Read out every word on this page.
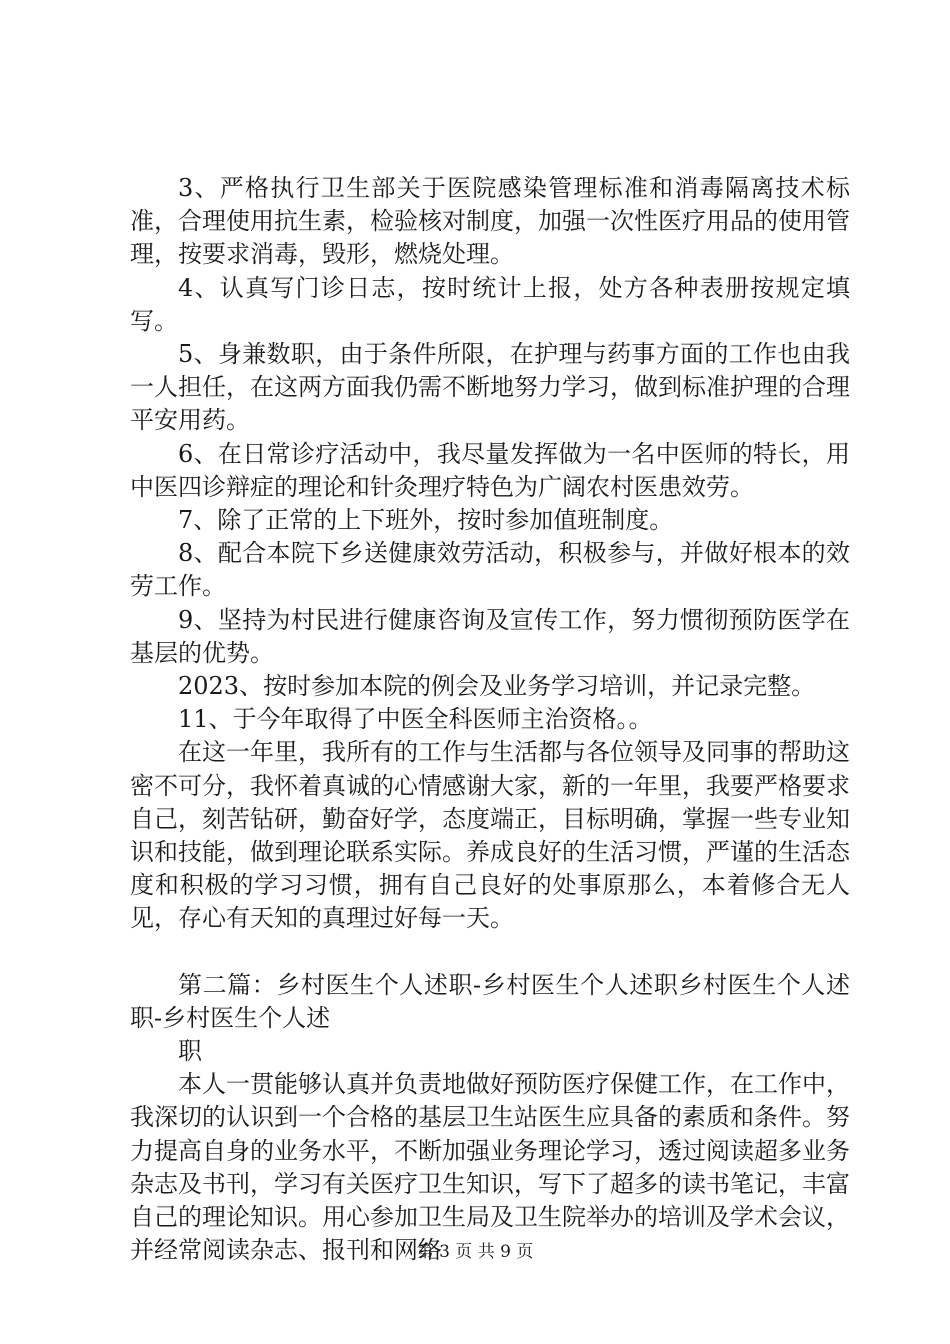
3、严格执行卫生部关于医院感染管理标准和消毒隔离技术标准，合理使用抗生素，检验核对制度，加强一次性医疗用品的使用管理，按要求消毒，毁形，燃烧处理。

4、认真写门诊日志，按时统计上报，处方各种表册按规定填写。

5、身兼数职，由于条件所限，在护理与药事方面的工作也由我一人担任，在这两方面我仍需不断地努力学习，做到标准护理的合理平安用药。

6、在日常诊疗活动中，我尽量发挥做为一名中医师的特长，用中医四诊辩症的理论和针灸理疗特色为广阔农村医患效劳。

7、除了正常的上下班外，按时参加值班制度。

8、配合本院下乡送健康效劳活动，积极参与，并做好根本的效劳工作。

9、坚持为村民进行健康咨询及宣传工作，努力惯彻预防医学在基层的优势。

2023、按时参加本院的例会及业务学习培训，并记录完整。

11、于今年取得了中医全科医师主治资格。。

在这一年里，我所有的工作与生活都与各位领导及同事的帮助这密不可分，我怀着真诚的心情感谢大家，新的一年里，我要严格要求自己，刻苦钻研，勤奋好学，态度端正，目标明确，掌握一些专业知识和技能，做到理论联系实际。养成良好的生活习惯，严谨的生活态度和积极的学习习惯，拥有自己良好的处事原那么，本着修合无人见，存心有天知的真理过好每一天。

第二篇：乡村医生个人述职-乡村医生个人述职乡村医生个人述职-乡村医生个人述

职

本人一贯能够认真并负责地做好预防医疗保健工作，在工作中，我深切的认识到一个合格的基层卫生站医生应具备的素质和条件。努力提高自身的业务水平，不断加强业务理论学习，透过阅读超多业务杂志及书刊，学习有关医疗卫生知识，写下了超多的读书笔记，丰富自己的理论知识。用心参加卫生局及卫生院举办的培训及学术会议，并经常阅读杂志、报刊和网络

第 3 页 共 9 页
